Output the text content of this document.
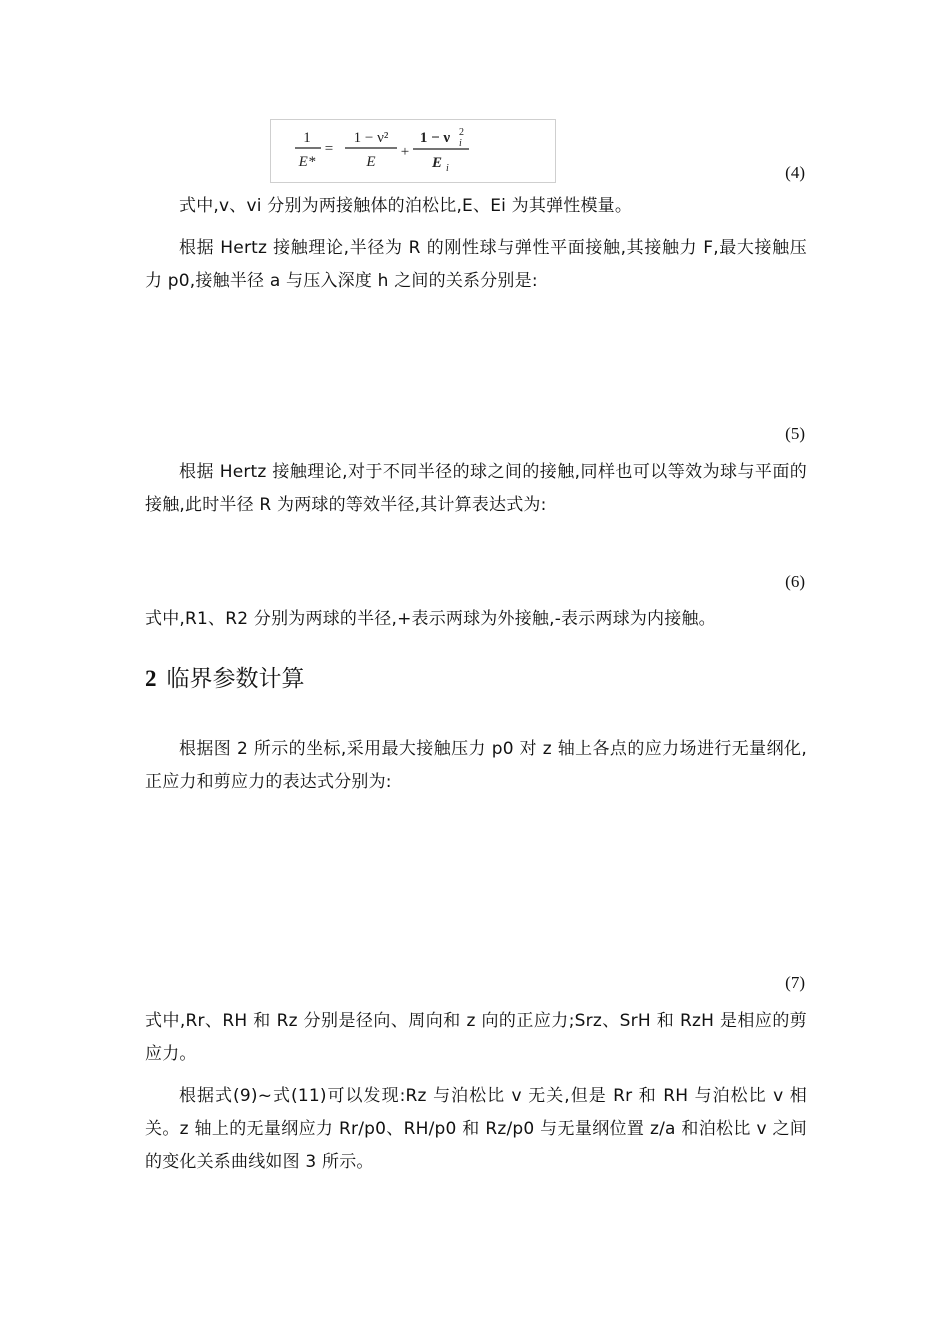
1
E*
=
1 − ν²
E
+
1 − ν 2
i
E i	(4)
式中,v、vi 分别为两接触体的泊松比,E、Ei 为其弹性模量。
根据 Hertz 接触理论,半径为 R 的刚性球与弹性平面接触,其接触力 F,最大接触压力 p0,接触半径 a 与压入深度 h 之间的关系分别是:
(5)
根据 Hertz 接触理论,对于不同半径的球之间的接触,同样也可以等效为球与平面的接触,此时半径 R 为两球的等效半径,其计算表达式为:
(6)
式中,R1、R2 分别为两球的半径,+表示两球为外接触,-表示两球为内接触。
2 临界参数计算
根据图 2 所示的坐标,采用最大接触压力 p0 对 z 轴上各点的应力场进行无量纲化,正应力和剪应力的表达式分别为:
(7)
式中,Rr、RH 和 Rz 分别是径向、周向和 z 向的正应力;Srz、SrH 和 RzH 是相应的剪应力。
根据式(9)~式(11)可以发现:Rz 与泊松比 v 无关,但是 Rr 和 RH 与泊松比 v 相关。z 轴上的无量纲应力 Rr/p0、RH/p0 和 Rz/p0 与无量纲位置 z/a 和泊松比 v 之间的变化关系曲线如图 3 所示。
